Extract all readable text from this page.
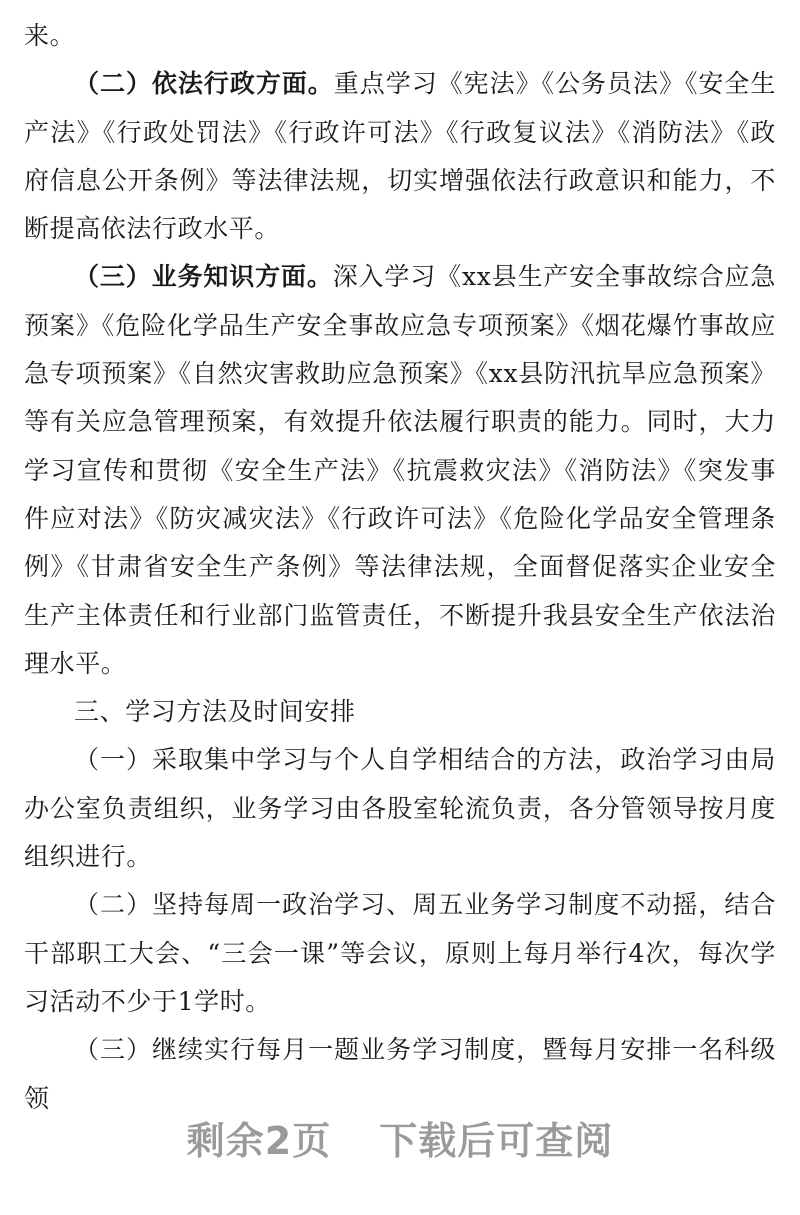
来。

（二）依法行政方面。重点学习《宪法》《公务员法》《安全生产法》《行政处罚法》《行政许可法》《行政复议法》《消防法》《政府信息公开条例》等法律法规，切实增强依法行政意识和能力，不断提高依法行政水平。

（三）业务知识方面。深入学习《xx县生产安全事故综合应急预案》《危险化学品生产安全事故应急专项预案》《烟花爆竹事故应急专项预案》《自然灾害救助应急预案》《xx县防汛抗旱应急预案》等有关应急管理预案，有效提升依法履行职责的能力。同时，大力学习宣传和贯彻《安全生产法》《抗震救灾法》《消防法》《突发事件应对法》《防灾减灾法》《行政许可法》《危险化学品安全管理条例》《甘肃省安全生产条例》等法律法规，全面督促落实企业安全生产主体责任和行业部门监管责任，不断提升我县安全生产依法治理水平。

三、学习方法及时间安排

（一）采取集中学习与个人自学相结合的方法，政治学习由局办公室负责组织，业务学习由各股室轮流负责，各分管领导按月度组织进行。

（二）坚持每周一政治学习、周五业务学习制度不动摇，结合干部职工大会、“三会一课”等会议，原则上每月举行4次，每次学习活动不少于1学时。

（三）继续实行每月一题业务学习制度，暨每月安排一名科级领

剩余2页 下载后可查阅
